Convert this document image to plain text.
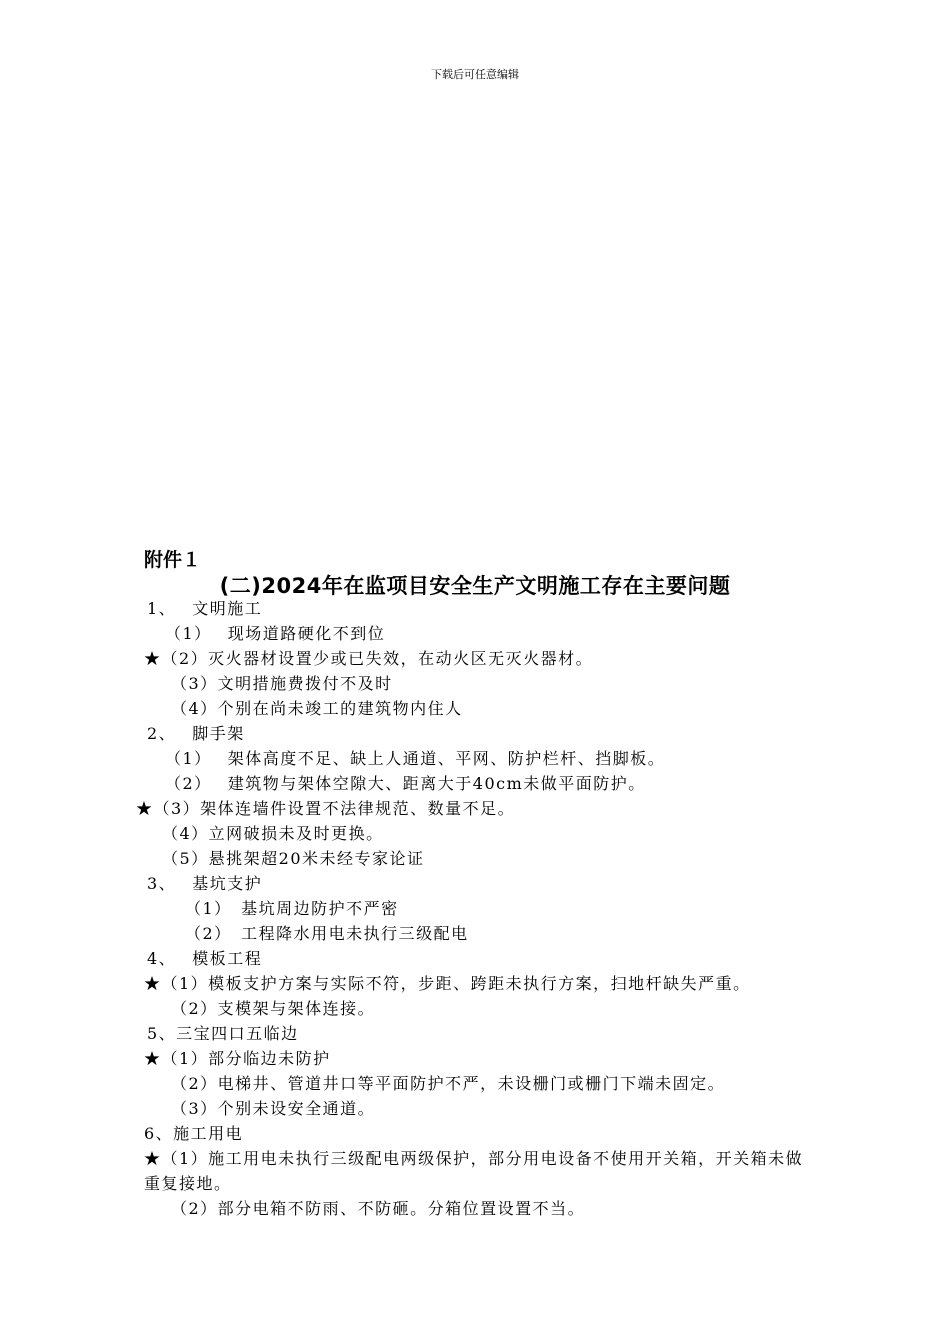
下载后可任意编辑
附件１
(二)2024年在监项目安全生产文明施工存在主要问题
1、　 文明施工
（1）　 现场道路硬化不到位
★（2）灭火器材设置少或已失效，在动火区无灭火器材。
（3）文明措施费拨付不及时
（4）个别在尚未竣工的建筑物内住人
2、　 脚手架
（1）　 架体高度不足、缺上人通道、平网、防护栏杆、挡脚板。
（2）　 建筑物与架体空隙大、距离大于40cm未做平面防护。
★（3）架体连墙件设置不法律规范、数量不足。
（4）立网破损未及时更换。
（5）悬挑架超20米未经专家论证
3、　 基坑支护
（1）　基坑周边防护不严密
（2）　工程降水用电未执行三级配电
4、　 模板工程
★（1）模板支护方案与实际不符，步距、跨距未执行方案，扫地杆缺失严重。
（2）支模架与架体连接。
5、三宝四口五临边
★（1）部分临边未防护
（2）电梯井、管道井口等平面防护不严，未设栅门或栅门下端未固定。
（3）个别未设安全通道。
6、施工用电
★（1）施工用电未执行三级配电两级保护，部分用电设备不使用开关箱，开关箱未做重复接地。
（2）部分电箱不防雨、不防砸。分箱位置设置不当。
